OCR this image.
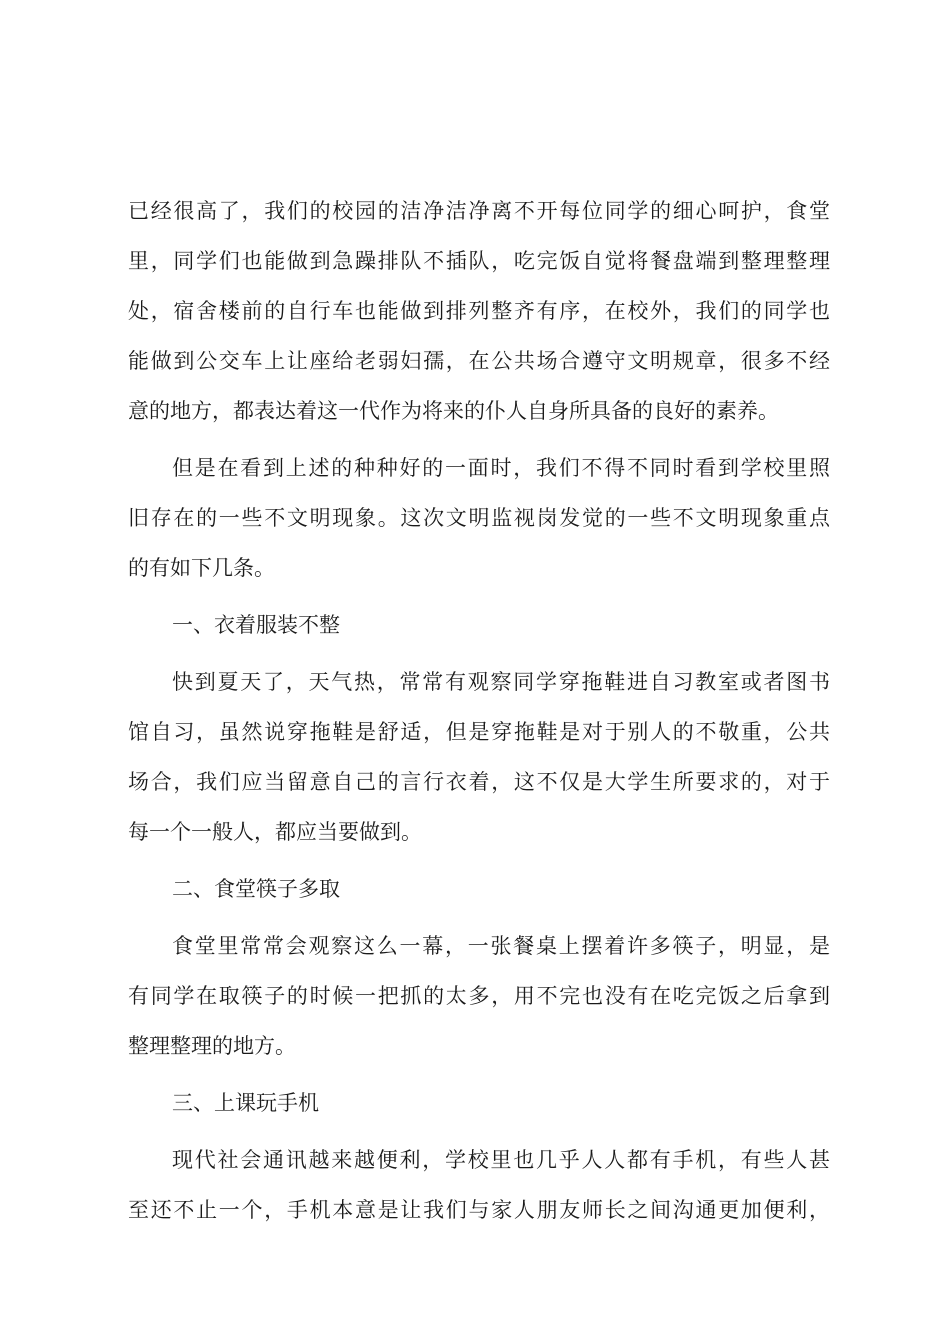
已经很高了，我们的校园的洁净洁净离不开每位同学的细心呵护，食堂
里，同学们也能做到急躁排队不插队，吃完饭自觉将餐盘端到整理整理
处，宿舍楼前的自行车也能做到排列整齐有序，在校外，我们的同学也
能做到公交车上让座给老弱妇孺，在公共场合遵守文明规章，很多不经
意的地方，都表达着这一代作为将来的仆人自身所具备的良好的素养。
但是在看到上述的种种好的一面时，我们不得不同时看到学校里照
旧存在的一些不文明现象。这次文明监视岗发觉的一些不文明现象重点
的有如下几条。
一、衣着服装不整
快到夏天了，天气热，常常有观察同学穿拖鞋进自习教室或者图书
馆自习，虽然说穿拖鞋是舒适，但是穿拖鞋是对于别人的不敬重，公共
场合，我们应当留意自己的言行衣着，这不仅是大学生所要求的，对于
每一个一般人，都应当要做到。
二、食堂筷子多取
食堂里常常会观察这么一幕，一张餐桌上摆着许多筷子，明显，是
有同学在取筷子的时候一把抓的太多，用不完也没有在吃完饭之后拿到
整理整理的地方。
三、上课玩手机
现代社会通讯越来越便利，学校里也几乎人人都有手机，有些人甚
至还不止一个，手机本意是让我们与家人朋友师长之间沟通更加便利，
